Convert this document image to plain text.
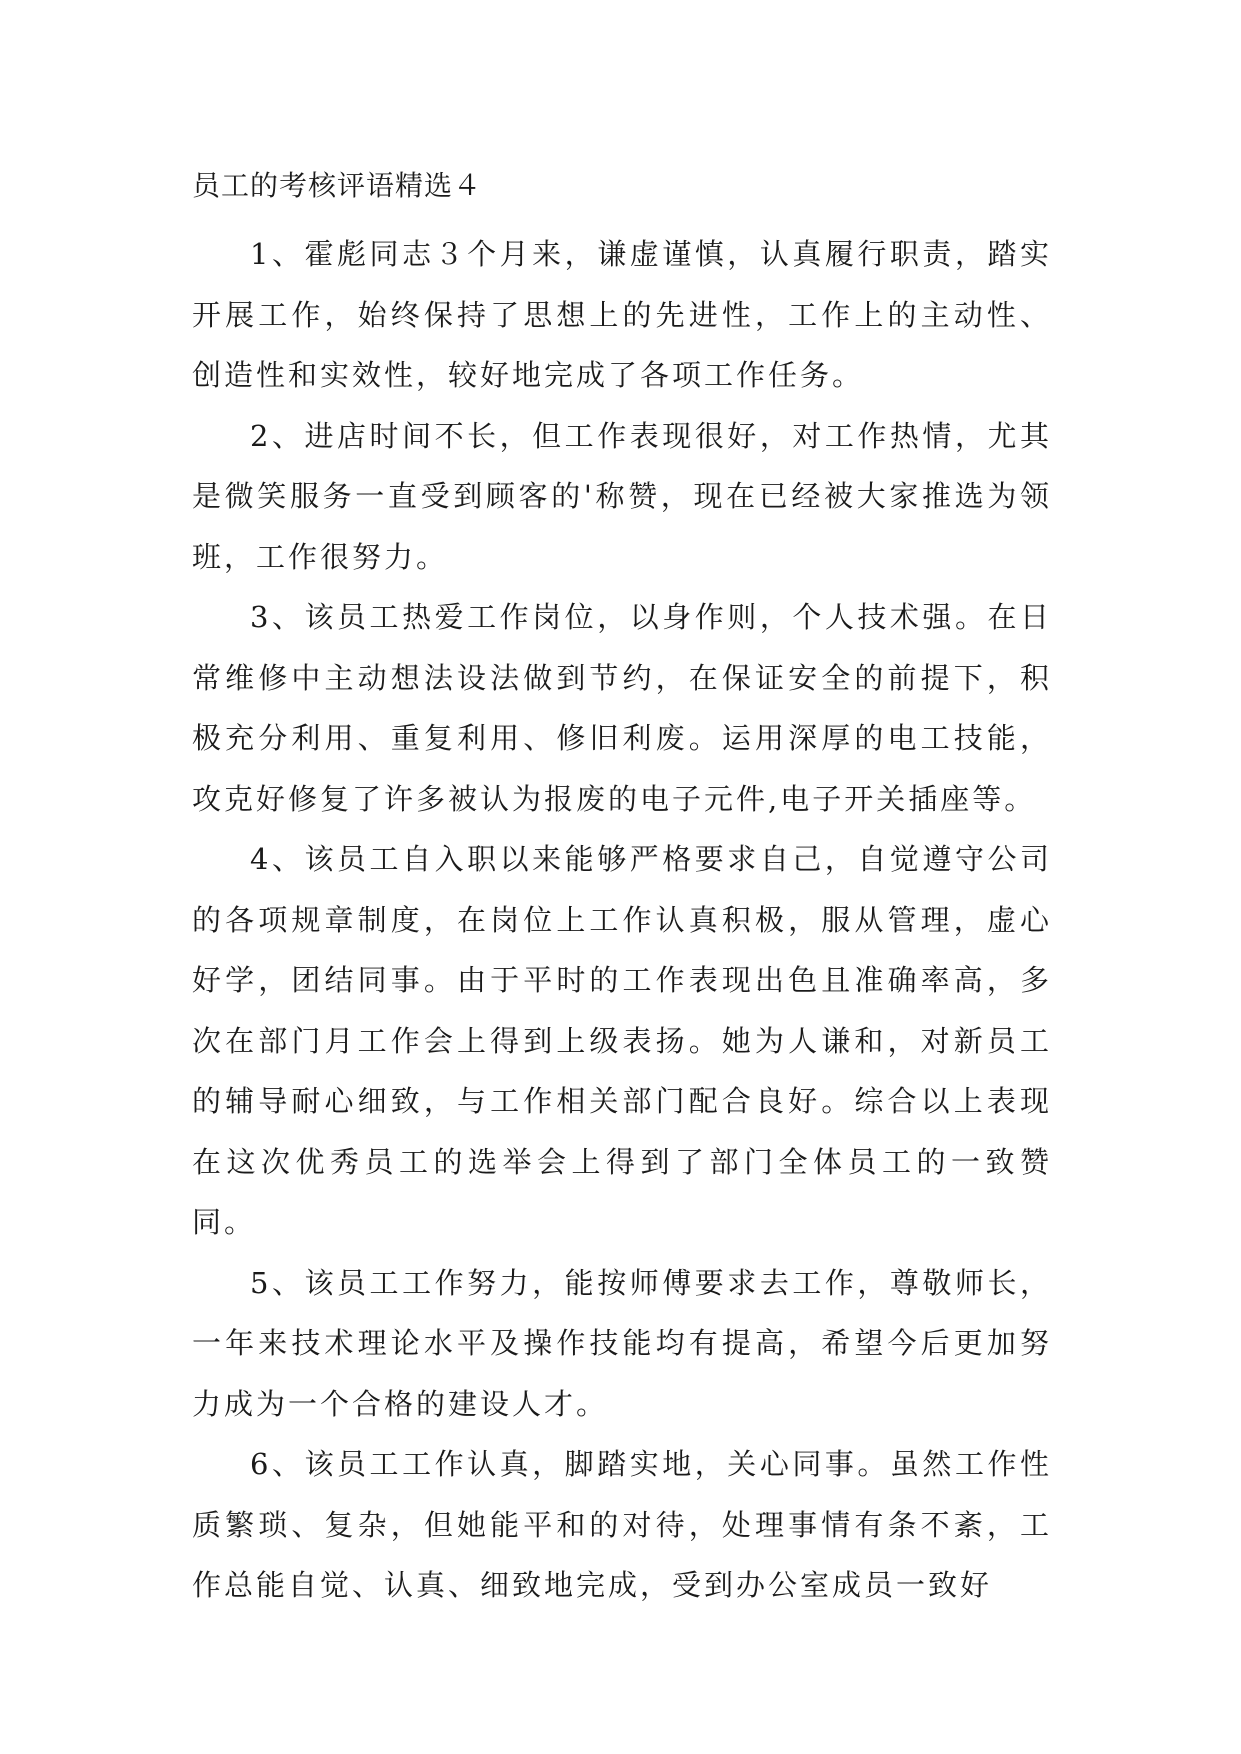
员工的考核评语精选４

1、霍彪同志３个月来，谦虚谨慎，认真履行职责，踏实开展工作，始终保持了思想上的先进性，工作上的主动性、创造性和实效性，较好地完成了各项工作任务。

2、进店时间不长，但工作表现很好，对工作热情，尤其是微笑服务一直受到顾客的'称赞，现在已经被大家推选为领班，工作很努力。

3、该员工热爱工作岗位，以身作则，个人技术强。在日常维修中主动想法设法做到节约，在保证安全的前提下，积极充分利用、重复利用、修旧利废。运用深厚的电工技能，攻克好修复了许多被认为报废的电子元件,电子开关插座等。

4、该员工自入职以来能够严格要求自己，自觉遵守公司的各项规章制度，在岗位上工作认真积极，服从管理，虚心好学，团结同事。由于平时的工作表现出色且准确率高，多次在部门月工作会上得到上级表扬。她为人谦和，对新员工的辅导耐心细致，与工作相关部门配合良好。综合以上表现在这次优秀员工的选举会上得到了部门全体员工的一致赞同。

5、该员工工作努力，能按师傅要求去工作，尊敬师长，一年来技术理论水平及操作技能均有提高，希望今后更加努力成为一个合格的建设人才。

6、该员工工作认真，脚踏实地，关心同事。虽然工作性质繁琐、复杂，但她能平和的对待，处理事情有条不紊，工作总能自觉、认真、细致地完成，受到办公室成员一致好
